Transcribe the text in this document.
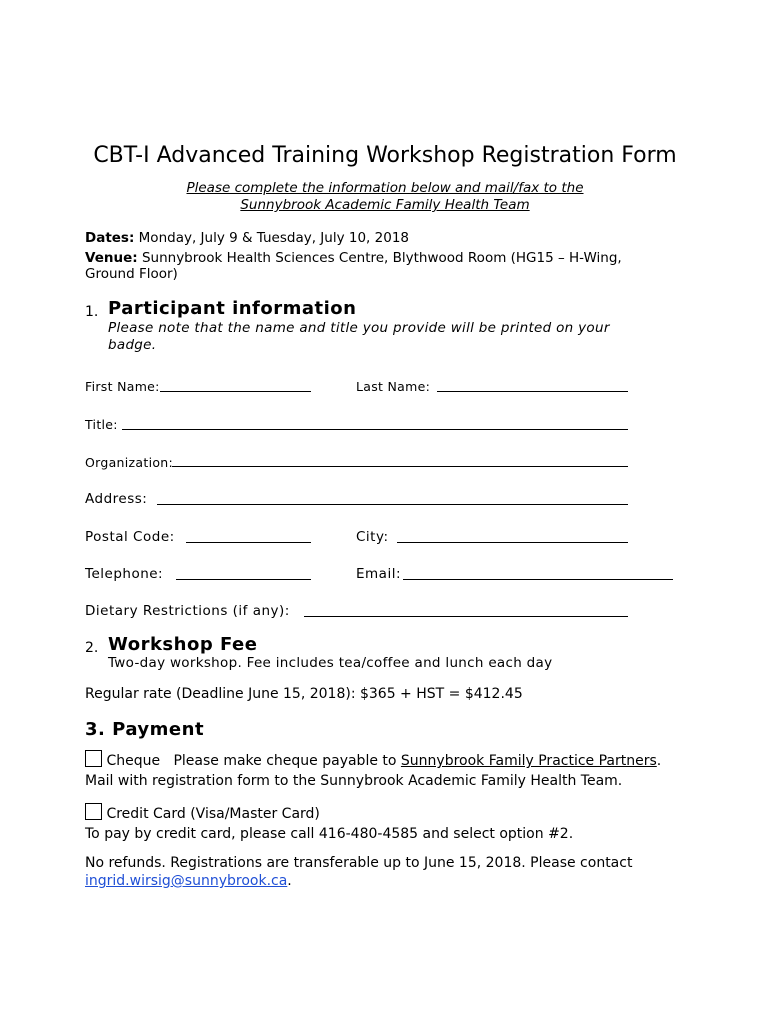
CBT-I Advanced Training Workshop Registration Form
Please complete the information below and mail/fax to the
Sunnybrook Academic Family Health Team
Dates: Monday, July 9 & Tuesday, July 10, 2018
Venue: Sunnybrook Health Sciences Centre, Blythwood Room (HG15 – H-Wing,
Ground Floor)
1. Participant information
Please note that the name and title you provide will be printed on your
badge.
First Name:	Last Name:
Title:
Organization:
Address:
Postal Code:	City:
Telephone:	Email:
Dietary Restrictions (if any):
2. Workshop Fee
Two-day workshop. Fee includes tea/coffee and lunch each day
Regular rate (Deadline June 15, 2018): $365 + HST = $412.45
3. Payment
Cheque Please make cheque payable to Sunnybrook Family Practice Partners.
Mail with registration form to the Sunnybrook Academic Family Health Team.
Credit Card (Visa/Master Card)
To pay by credit card, please call 416-480-4585 and select option #2.
No refunds. Registrations are transferable up to June 15, 2018. Please contact
ingrid.wirsig@sunnybrook.ca.
